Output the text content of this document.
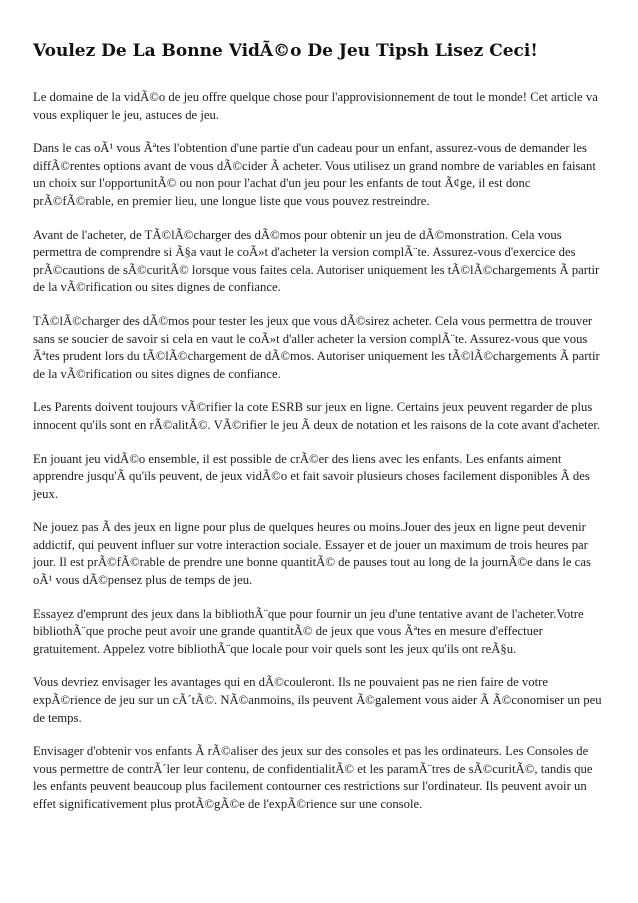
Voulez De La Bonne VidÃ©o De Jeu Tipsh Lisez Ceci!

Le domaine de la vidÃ©o de jeu offre quelque chose pour l'approvisionnement de tout le monde! Cet article va vous expliquer le jeu, astuces de jeu.

Dans le cas oÃ¹ vous Ãªtes l'obtention d'une partie d'un cadeau pour un enfant, assurez-vous de demander les diffÃ©rentes options avant de vous dÃ©cider Ã acheter. Vous utilisez un grand nombre de variables en faisant un choix sur l'opportunitÃ© ou non pour l'achat d'un jeu pour les enfants de tout Ã¢ge, il est donc prÃ©fÃ©rable, en premier lieu, une longue liste que vous pouvez restreindre.

Avant de l'acheter, de TÃ©lÃ©charger des dÃ©mos pour obtenir un jeu de dÃ©monstration. Cela vous permettra de comprendre si Ã§a vaut le coÃ»t d'acheter la version complÃ¨te. Assurez-vous d'exercice des prÃ©cautions de sÃ©curitÃ© lorsque vous faites cela. Autoriser uniquement les tÃ©lÃ©chargements Ã partir de la vÃ©rification ou sites dignes de confiance.

TÃ©lÃ©charger des dÃ©mos pour tester les jeux que vous dÃ©sirez acheter. Cela vous permettra de trouver sans se soucier de savoir si cela en vaut le coÃ»t d'aller acheter la version complÃ¨te. Assurez-vous que vous Ãªtes prudent lors du tÃ©lÃ©chargement de dÃ©mos. Autoriser uniquement les tÃ©lÃ©chargements Ã partir de la vÃ©rification ou sites dignes de confiance.

Les Parents doivent toujours vÃ©rifier la cote ESRB sur jeux en ligne. Certains jeux peuvent regarder de plus innocent qu'ils sont en rÃ©alitÃ©. VÃ©rifier le jeu Ã deux de notation et les raisons de la cote avant d'acheter.

En jouant jeu vidÃ©o ensemble, il est possible de crÃ©er des liens avec les enfants. Les enfants aiment apprendre jusqu'Ã qu'ils peuvent, de jeux vidÃ©o et fait savoir plusieurs choses facilement disponibles Ã des jeux.

Ne jouez pas Ã des jeux en ligne pour plus de quelques heures ou moins.Jouer des jeux en ligne peut devenir addictif, qui peuvent influer sur votre interaction sociale. Essayer et de jouer un maximum de trois heures par jour. Il est prÃ©fÃ©rable de prendre une bonne quantitÃ© de pauses tout au long de la journÃ©e dans le cas oÃ¹ vous dÃ©pensez plus de temps de jeu.

Essayez d'emprunt des jeux dans la bibliothÃ¨que pour fournir un jeu d'une tentative avant de l'acheter.Votre bibliothÃ¨que proche peut avoir une grande quantitÃ© de jeux que vous Ãªtes en mesure d'effectuer gratuitement. Appelez votre bibliothÃ¨que locale pour voir quels sont les jeux qu'ils ont reÃ§u.

Vous devriez envisager les avantages qui en dÃ©couleront. Ils ne pouvaient pas ne rien faire de votre expÃ©rience de jeu sur un cÃ´tÃ©. NÃ©anmoins, ils peuvent Ã©galement vous aider Ã Ã©conomiser un peu de temps.

Envisager d'obtenir vos enfants Ã rÃ©aliser des jeux sur des consoles et pas les ordinateurs. Les Consoles de vous permettre de contrÃ´ler leur contenu, de confidentialitÃ© et les paramÃ¨tres de sÃ©curitÃ©, tandis que les enfants peuvent beaucoup plus facilement contourner ces restrictions sur l'ordinateur. Ils peuvent avoir un effet significativement plus protÃ©gÃ©e de l'expÃ©rience sur une console.
